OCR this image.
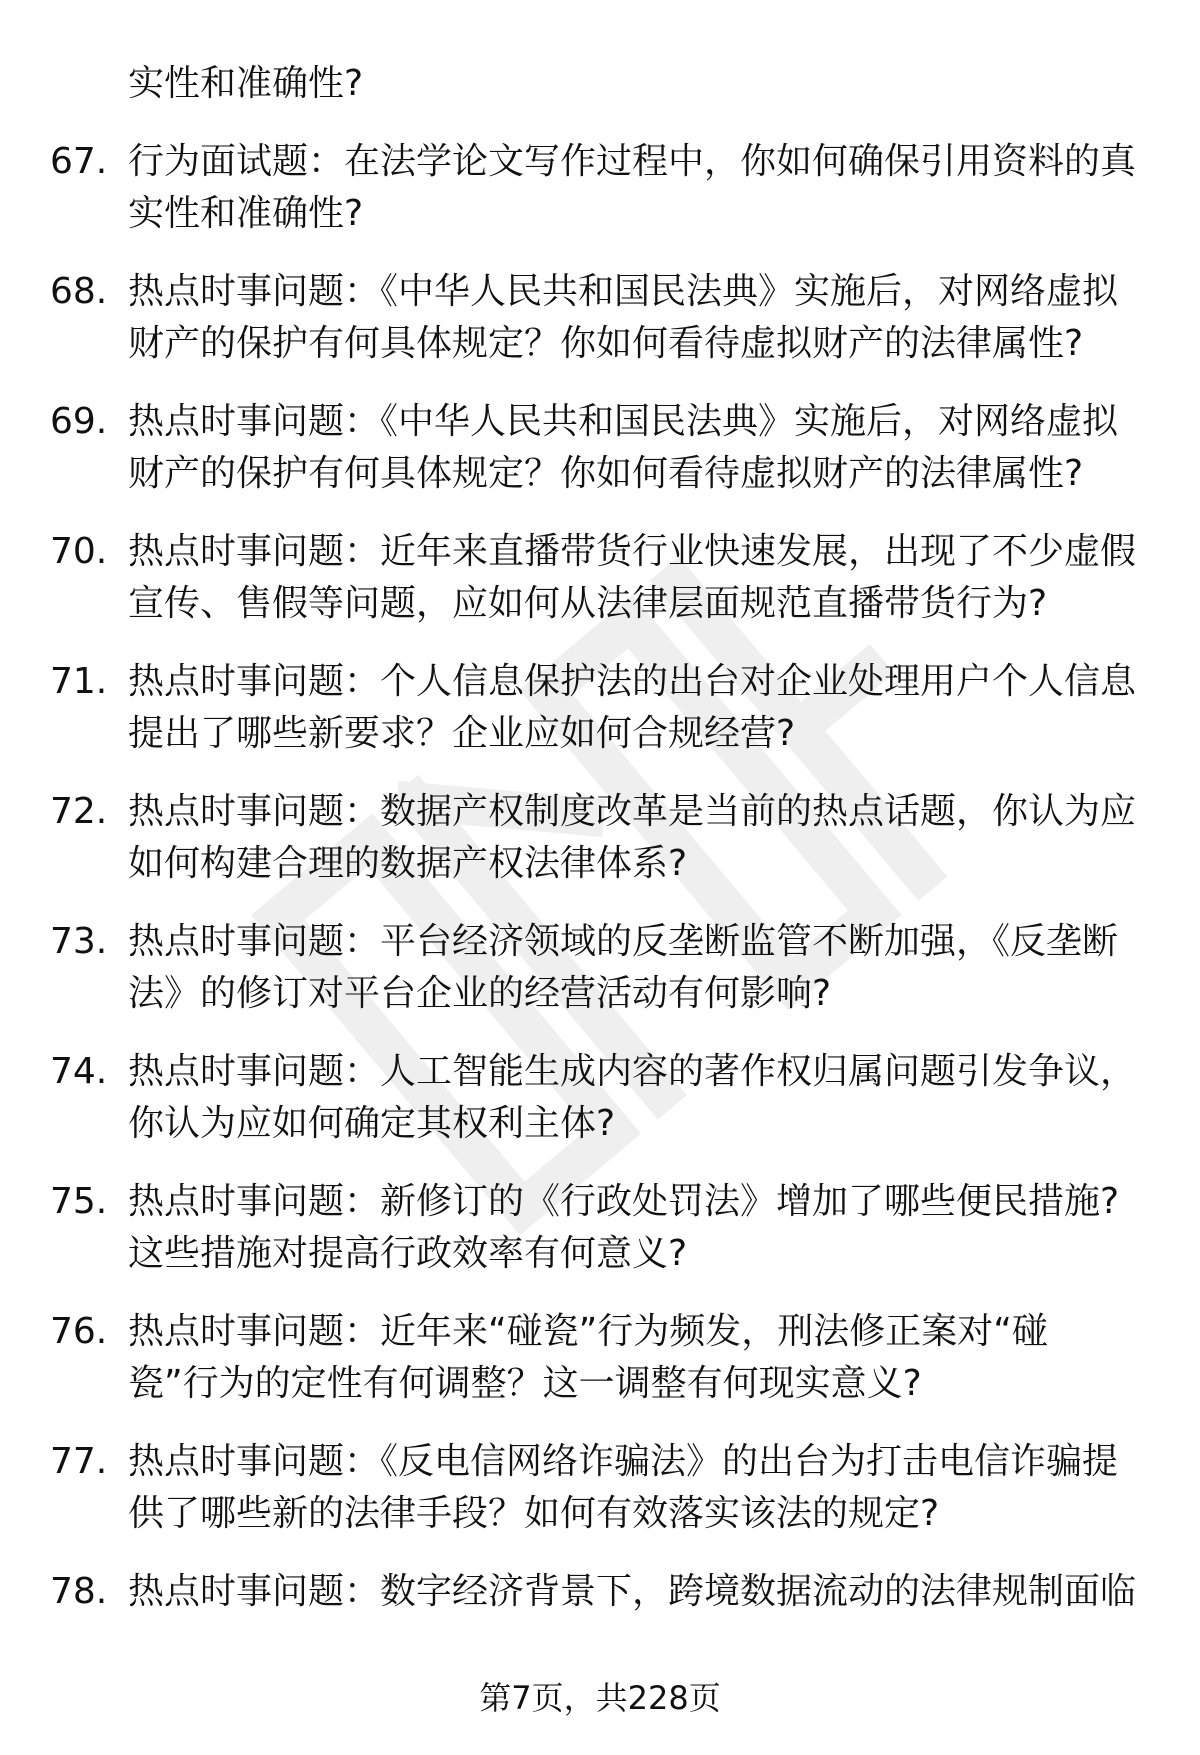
实性和准确性?
67. 行为面试题：在法学论文写作过程中，你如何确保引用资料的真
实性和准确性?
68. 热点时事问题：《中华人民共和国民法典》实施后，对网络虚拟
财产的保护有何具体规定？你如何看待虚拟财产的法律属性?
69. 热点时事问题：《中华人民共和国民法典》实施后，对网络虚拟
财产的保护有何具体规定？你如何看待虚拟财产的法律属性?
70. 热点时事问题：近年来直播带货行业快速发展，出现了不少虚假
宣传、售假等问题，应如何从法律层面规范直播带货行为?
71. 热点时事问题：个人信息保护法的出台对企业处理用户个人信息
提出了哪些新要求？企业应如何合规经营?
72. 热点时事问题：数据产权制度改革是当前的热点话题，你认为应
如何构建合理的数据产权法律体系?
73. 热点时事问题：平台经济领域的反垄断监管不断加强，《反垄断
法》的修订对平台企业的经营活动有何影响?
74. 热点时事问题：人工智能生成内容的著作权归属问题引发争议，
你认为应如何确定其权利主体?
75. 热点时事问题：新修订的《行政处罚法》增加了哪些便民措施?
这些措施对提高行政效率有何意义?
76. 热点时事问题：近年来“碰瓷”行为频发，刑法修正案对“碰
瓷”行为的定性有何调整？这一调整有何现实意义?
77. 热点时事问题：《反电信网络诈骗法》的出台为打击电信诈骗提
供了哪些新的法律手段？如何有效落实该法的规定?
78. 热点时事问题：数字经济背景下，跨境数据流动的法律规制面临
第7页，共228页
